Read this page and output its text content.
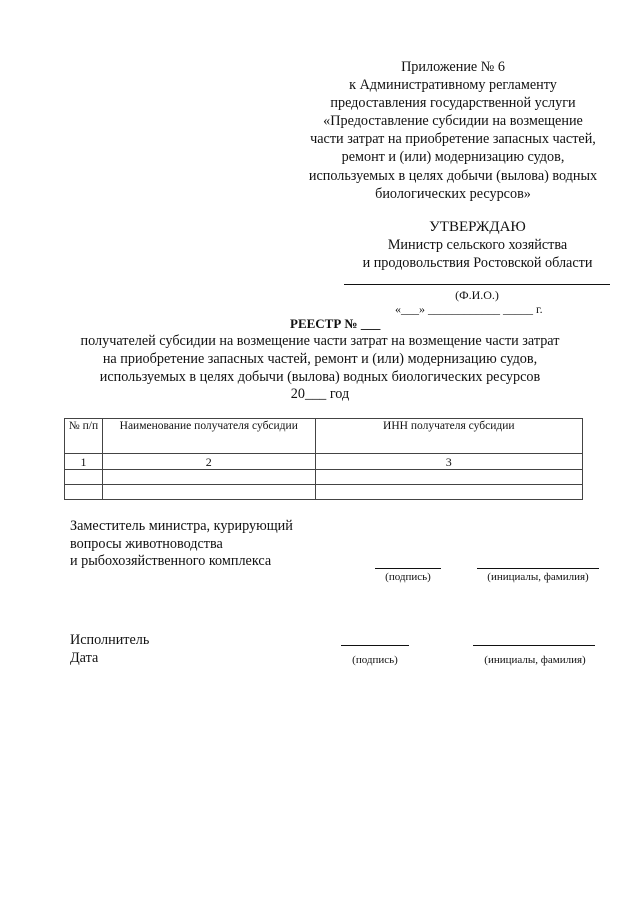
Приложение № 6
к Административному регламенту
предоставления государственной услуги
«Предоставление субсидии на возмещение
части затрат на приобретение запасных частей,
ремонт и (или) модернизацию судов,
используемых в целях добычи (вылова) водных
биологических ресурсов»
УТВЕРЖДАЮ
Министр сельского хозяйства
и продовольствия Ростовской области
(Ф.И.О.)
«___» ____________ _____ г.
РЕЕСТР № ___
получателей субсидии на возмещение части затрат на возмещение части затрат
на приобретение запасных частей, ремонт и (или) модернизацию судов,
используемых в целях добычи (вылова) водных биологических ресурсов
20___ год
№ п/п	Наименование получателя субсидии	ИНН получателя субсидии
1	2	3

Заместитель министра, курирующий
вопросы животноводства
и рыбохозяйственного комплекса
(подпись)	(инициалы, фамилия)
Исполнитель
Дата	(подпись)	(инициалы, фамилия)
